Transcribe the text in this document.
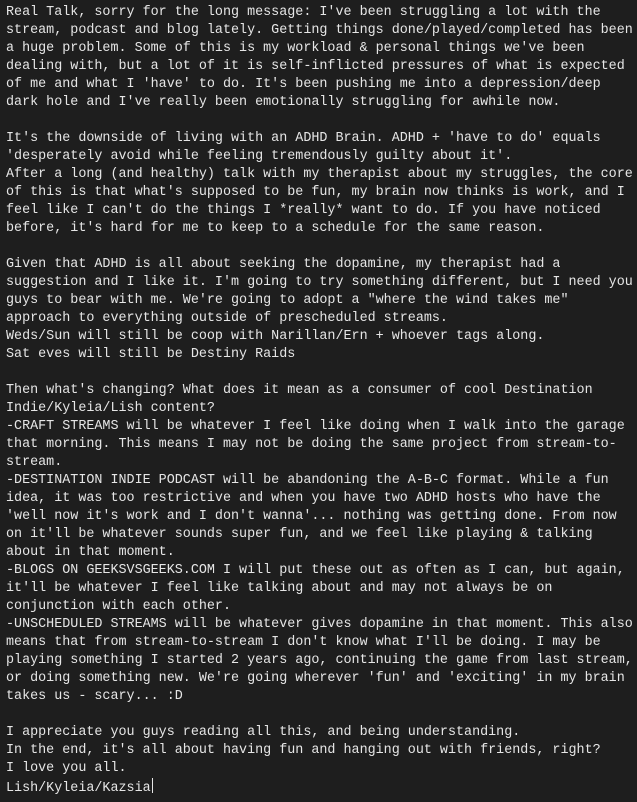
Real Talk, sorry for the long message: I've been struggling a lot with the
stream, podcast and blog lately. Getting things done/played/completed has been
a huge problem. Some of this is my workload & personal things we've been
dealing with, but a lot of it is self-inflicted pressures of what is expected
of me and what I 'have' to do. It's been pushing me into a depression/deep
dark hole and I've really been emotionally struggling for awhile now.
It's the downside of living with an ADHD Brain. ADHD + 'have to do' equals
'desperately avoid while feeling tremendously guilty about it'.
After a long (and healthy) talk with my therapist about my struggles, the core
of this is that what's supposed to be fun, my brain now thinks is work, and I
feel like I can't do the things I *really* want to do. If you have noticed
before, it's hard for me to keep to a schedule for the same reason.
Given that ADHD is all about seeking the dopamine, my therapist had a
suggestion and I like it. I'm going to try something different, but I need you
guys to bear with me. We're going to adopt a "where the wind takes me"
approach to everything outside of prescheduled streams.
Weds/Sun will still be coop with Narillan/Ern + whoever tags along.
Sat eves will still be Destiny Raids
Then what's changing? What does it mean as a consumer of cool Destination
Indie/Kyleia/Lish content?
-CRAFT STREAMS will be whatever I feel like doing when I walk into the garage
that morning. This means I may not be doing the same project from stream-to-
stream.
-DESTINATION INDIE PODCAST will be abandoning the A-B-C format. While a fun
idea, it was too restrictive and when you have two ADHD hosts who have the
'well now it's work and I don't wanna'... nothing was getting done. From now
on it'll be whatever sounds super fun, and we feel like playing & talking
about in that moment.
-BLOGS ON GEEKSVSGEEKS.COM I will put these out as often as I can, but again,
it'll be whatever I feel like talking about and may not always be on
conjunction with each other.
-UNSCHEDULED STREAMS will be whatever gives dopamine in that moment. This also
means that from stream-to-stream I don't know what I'll be doing. I may be
playing something I started 2 years ago, continuing the game from last stream,
or doing something new. We're going wherever 'fun' and 'exciting' in my brain
takes us - scary... :D
I appreciate you guys reading all this, and being understanding.
In the end, it's all about having fun and hanging out with friends, right?
I love you all.
Lish/Kyleia/Kazsia
